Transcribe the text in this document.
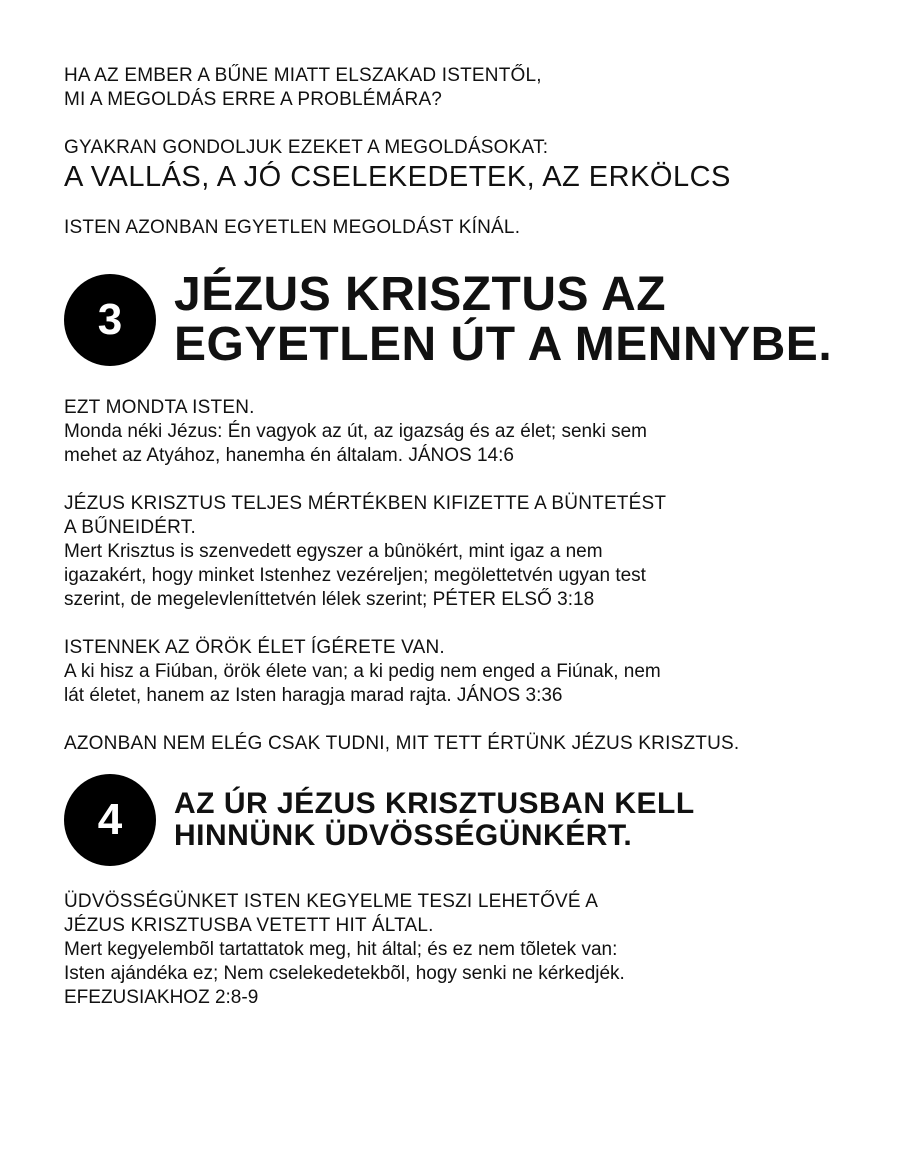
HA AZ EMBER A BŰNE MIATT ELSZAKAD ISTENTŐL,

MI A MEGOLDÁS ERRE A PROBLÉMÁRA?

GYAKRAN GONDOLJUK EZEKET A MEGOLDÁSOKAT:

A VALLÁS, A JÓ CSELEKEDETEK, AZ ERKÖLCS

ISTEN AZONBAN EGYETLEN MEGOLDÁST KÍNÁL.

3	JÉZUS KRISZTUS AZ

EGYETLEN ÚT A MENNYBE.

EZT MONDTA ISTEN.

Monda néki Jézus: Én vagyok az út, az igazság és az élet; senki sem

mehet az Atyához, hanemha én általam. JÁNOS 14:6

JÉZUS KRISZTUS TELJES MÉRTÉKBEN KIFIZETTE A BÜNTETÉST

A BŰNEIDÉRT.

Mert Krisztus is szenvedett egyszer a bûnökért, mint igaz a nem

igazakért, hogy minket Istenhez vezéreljen; megölettetvén ugyan test

szerint, de megelevleníttetvén lélek szerint; PÉTER ELSŐ 3:18

ISTENNEK AZ ÖRÖK ÉLET ÍGÉRETE VAN.

A ki hisz a Fiúban, örök élete van; a ki pedig nem enged a Fiúnak, nem

lát életet, hanem az Isten haragja marad rajta. JÁNOS 3:36

AZONBAN NEM ELÉG CSAK TUDNI, MIT TETT ÉRTÜNK JÉZUS KRISZTUS.

4	AZ ÚR JÉZUS KRISZTUSBAN KELL

HINNÜNK ÜDVÖSSÉGÜNKÉRT.

ÜDVÖSSÉGÜNKET ISTEN KEGYELME TESZI LEHETŐVÉ A

JÉZUS KRISZTUSBA VETETT HIT ÁLTAL.

Mert kegyelembõl tartattatok meg, hit által; és ez nem tõletek van:

Isten ajándéka ez; Nem cselekedetekbõl, hogy senki ne kérkedjék.

EFEZUSIAKHOZ 2:8-9
